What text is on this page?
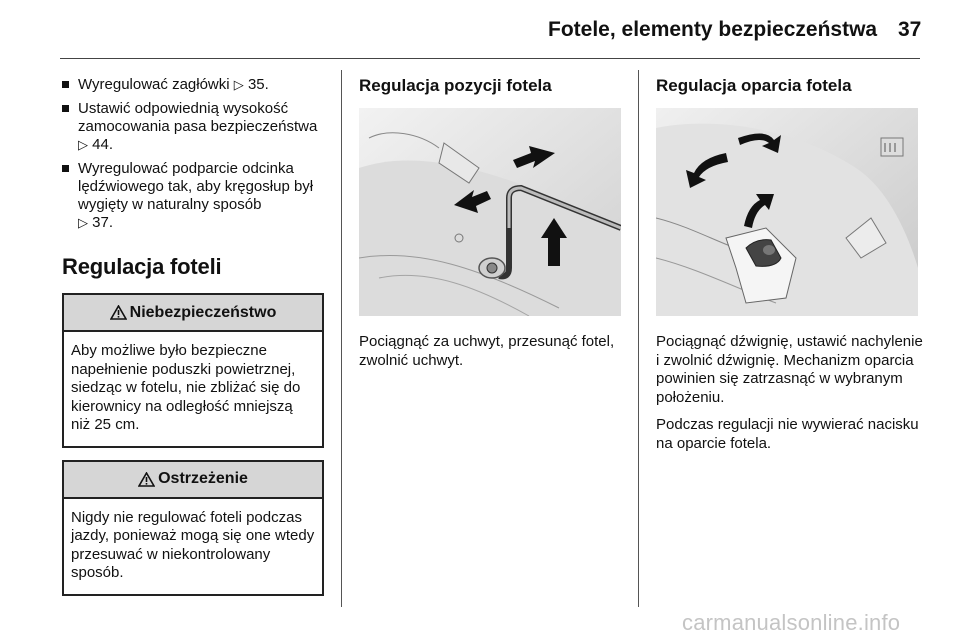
Fotele, elementy bezpieczeństwa 37
Wyregulować zagłówki ▷ 35.
Ustawić odpowiednią wysokość zamocowania pasa bezpieczeństwa ▷ 44.
Wyregulować podparcie odcinka lędźwiowego tak, aby kręgosłup był wygięty w naturalny sposób
▷ 37.
Regulacja foteli
Niebezpieczeństwo
Aby możliwe było bezpieczne napełnienie poduszki powietrznej, siedząc w fotelu, nie zbliżać się do kierownicy na odległość mniejszą niż 25 cm.
Ostrzeżenie
Nigdy nie regulować foteli podczas jazdy, ponieważ mogą się one wtedy przesuwać w niekontrolowany sposób.
Regulacja pozycji fotela
Pociągnąć za uchwyt, przesunąć fotel, zwolnić uchwyt.
Regulacja oparcia fotela
Pociągnąć dźwignię, ustawić nachylenie i zwolnić dźwignię. Mechanizm oparcia powinien się zatrzasnąć w wybranym położeniu.
Podczas regulacji nie wywierać nacisku na oparcie fotela.
carmanualsonline.info
